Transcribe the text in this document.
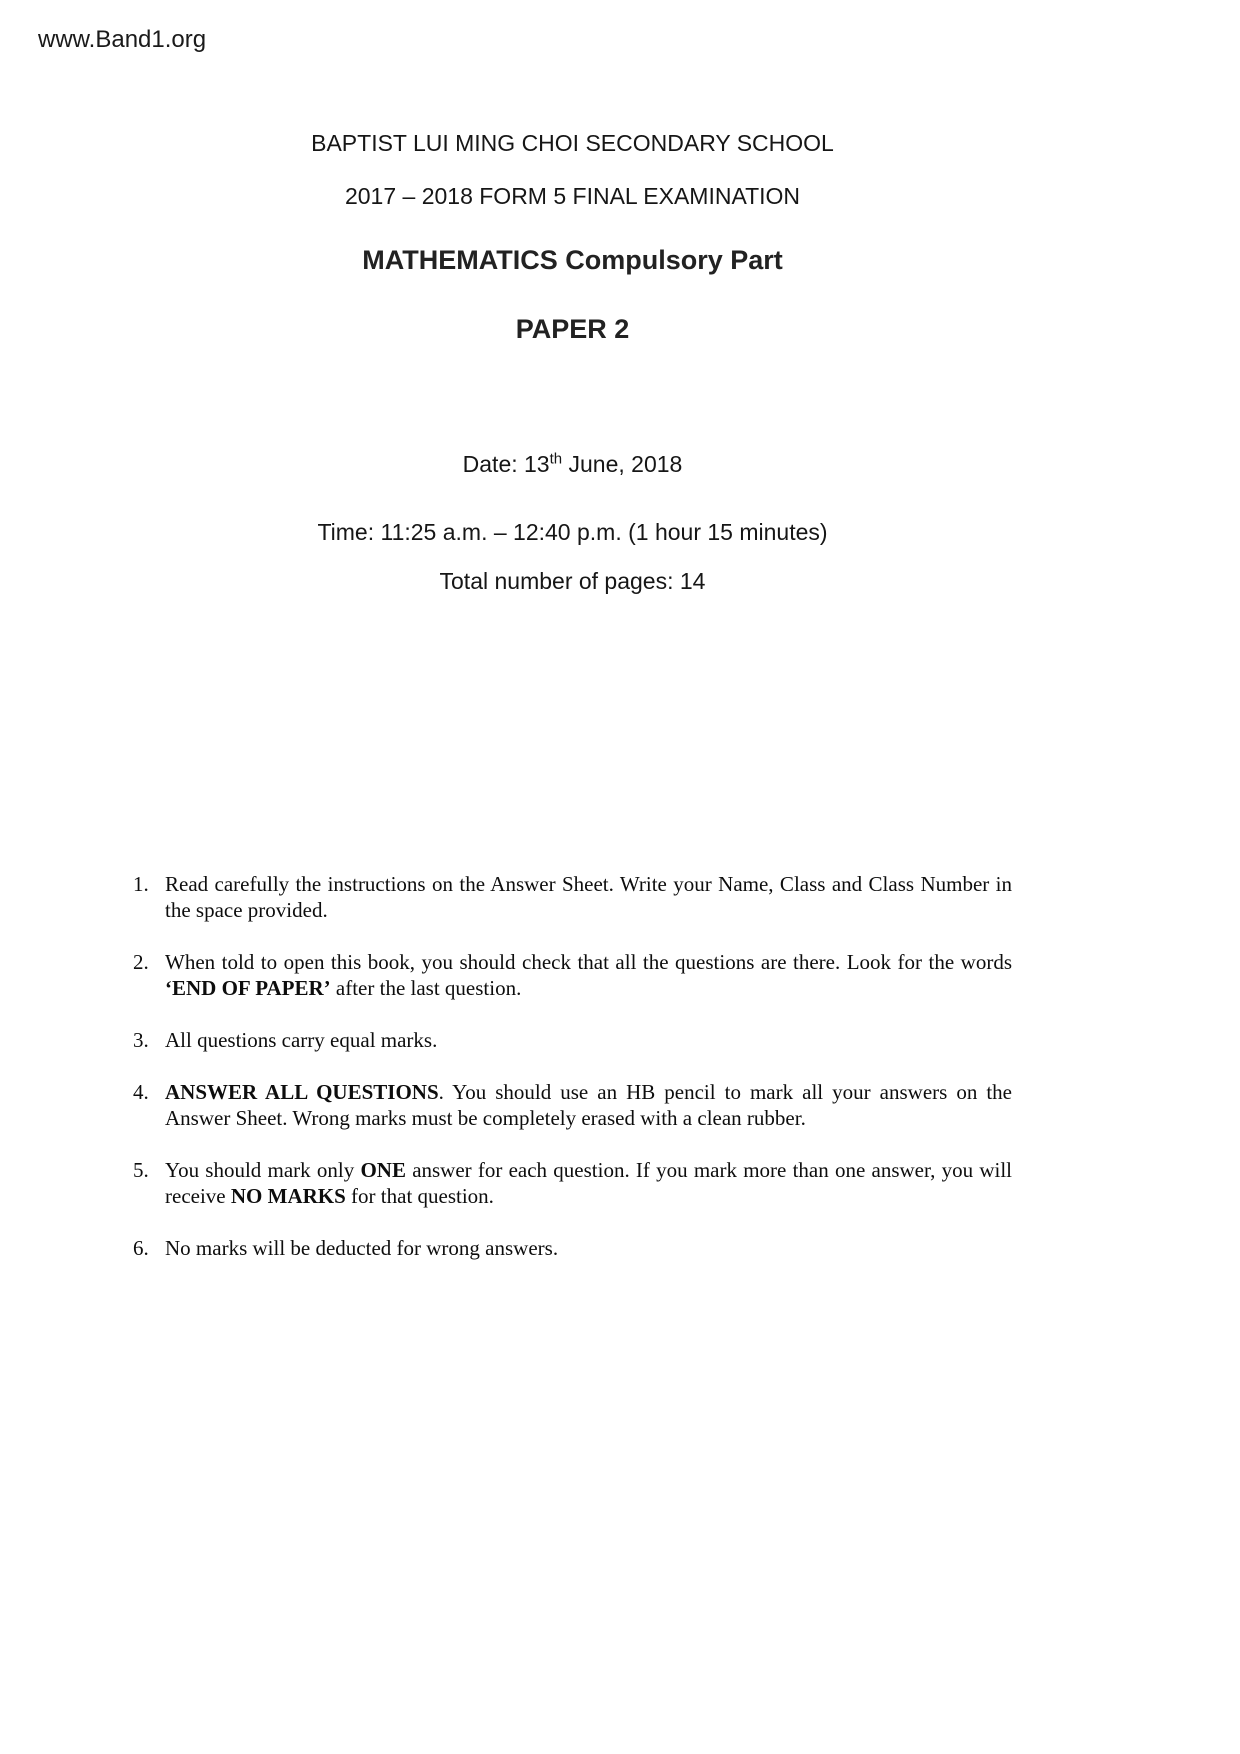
www.Band1.org
BAPTIST LUI MING CHOI SECONDARY SCHOOL
2017 – 2018 FORM 5 FINAL EXAMINATION
MATHEMATICS Compulsory Part
PAPER 2
Date: 13th June, 2018
Time: 11:25 a.m. – 12:40 p.m. (1 hour 15 minutes)
Total number of pages: 14
1. Read carefully the instructions on the Answer Sheet. Write your Name, Class and Class Number in the space provided.
2. When told to open this book, you should check that all the questions are there. Look for the words ‘END OF PAPER’ after the last question.
3. All questions carry equal marks.
4. ANSWER ALL QUESTIONS. You should use an HB pencil to mark all your answers on the Answer Sheet. Wrong marks must be completely erased with a clean rubber.
5. You should mark only ONE answer for each question. If you mark more than one answer, you will receive NO MARKS for that question.
6. No marks will be deducted for wrong answers.
